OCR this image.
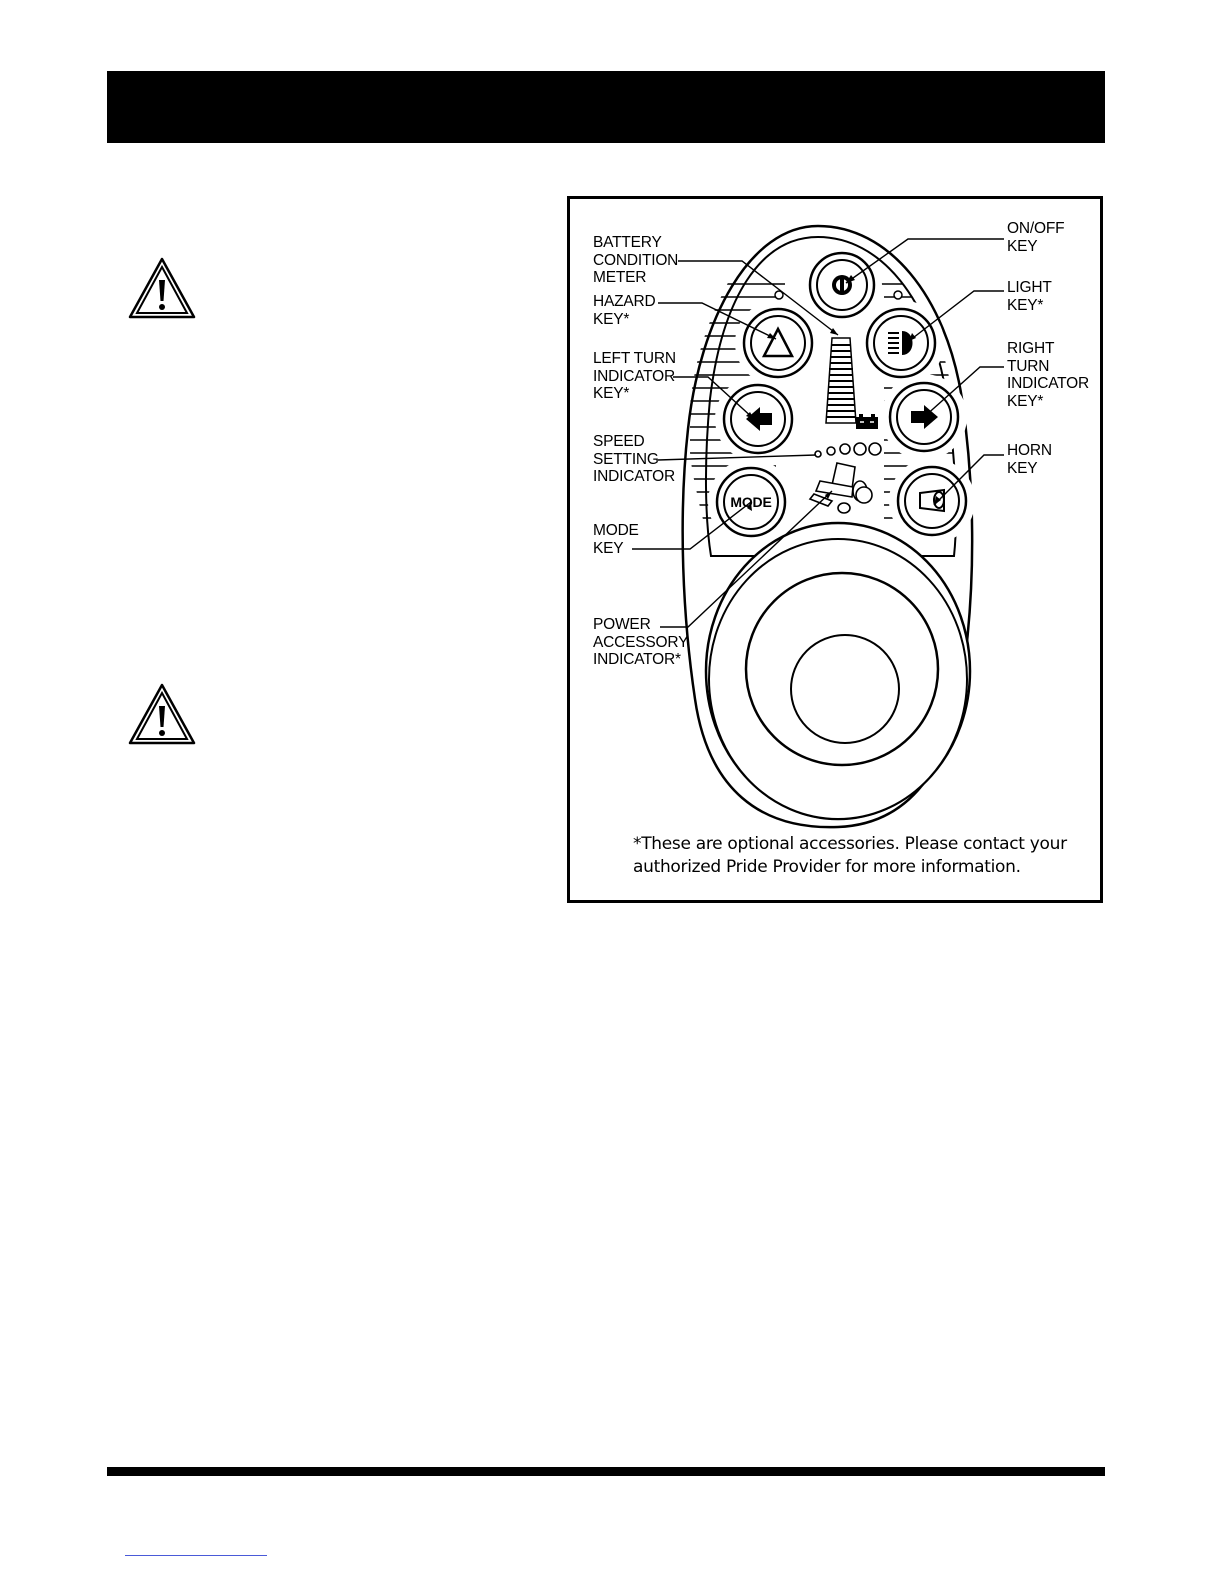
MODE
BATTERY
CONDITION
METER
HAZARD
KEY*
LEFT TURN
INDICATOR
KEY*
SPEED
SETTING
INDICATOR
MODE
KEY
POWER
ACCESSORY
INDICATOR*
ON/OFF
KEY
LIGHT
KEY*
RIGHT
TURN
INDICATOR
KEY*
HORN
KEY
*These are optional accessories. Please contact your authorized Pride Provider for more information.
